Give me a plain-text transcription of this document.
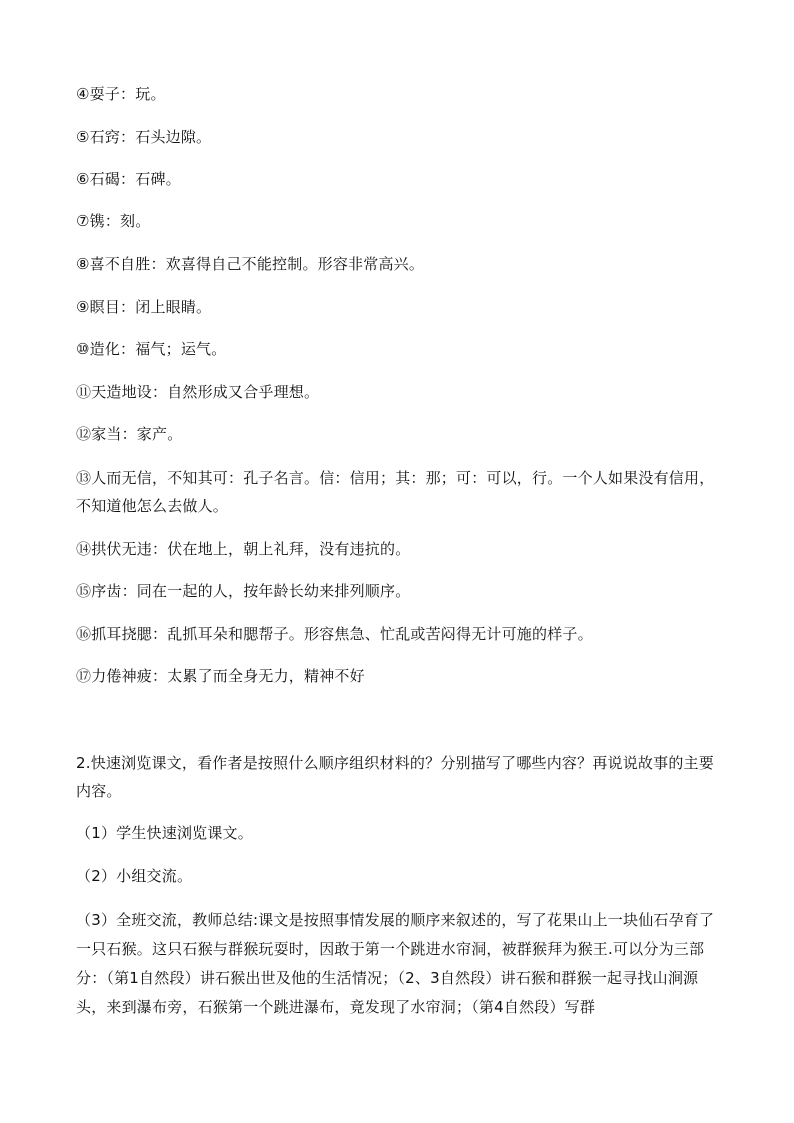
④耍子：玩。
⑤石窍：石头边隙。
⑥石碣：石碑。
⑦镌：刻。
⑧喜不自胜：欢喜得自己不能控制。形容非常高兴。
⑨瞑目：闭上眼睛。
⑩造化：福气；运气。
⑪天造地设：自然形成又合乎理想。
⑫家当：家产。
⑬人而无信，不知其可：孔子名言。信：信用；其：那；可：可以，行。一个人如果没有信用，不知道他怎么去做人。
⑭拱伏无违：伏在地上，朝上礼拜，没有违抗的。
⑮序齿：同在一起的人，按年龄长幼来排列顺序。
⑯抓耳挠腮：乱抓耳朵和腮帮子。形容焦急、忙乱或苦闷得无计可施的样子。
⑰力倦神疲：太累了而全身无力，精神不好
2.快速浏览课文，看作者是按照什么顺序组织材料的？分别描写了哪些内容？再说说故事的主要内容。
（1）学生快速浏览课文。
（2）小组交流。
（3）全班交流，教师总结:课文是按照事情发展的顺序来叙述的，写了花果山上一块仙石孕育了一只石猴。这只石猴与群猴玩耍时，因敢于第一个跳进水帘洞，被群猴拜为猴王.可以分为三部分：（第1自然段）讲石猴出世及他的生活情况；（2、3自然段）讲石猴和群猴一起寻找山涧源头，来到瀑布旁，石猴第一个跳进瀑布，竟发现了水帘洞；（第4自然段）写群
